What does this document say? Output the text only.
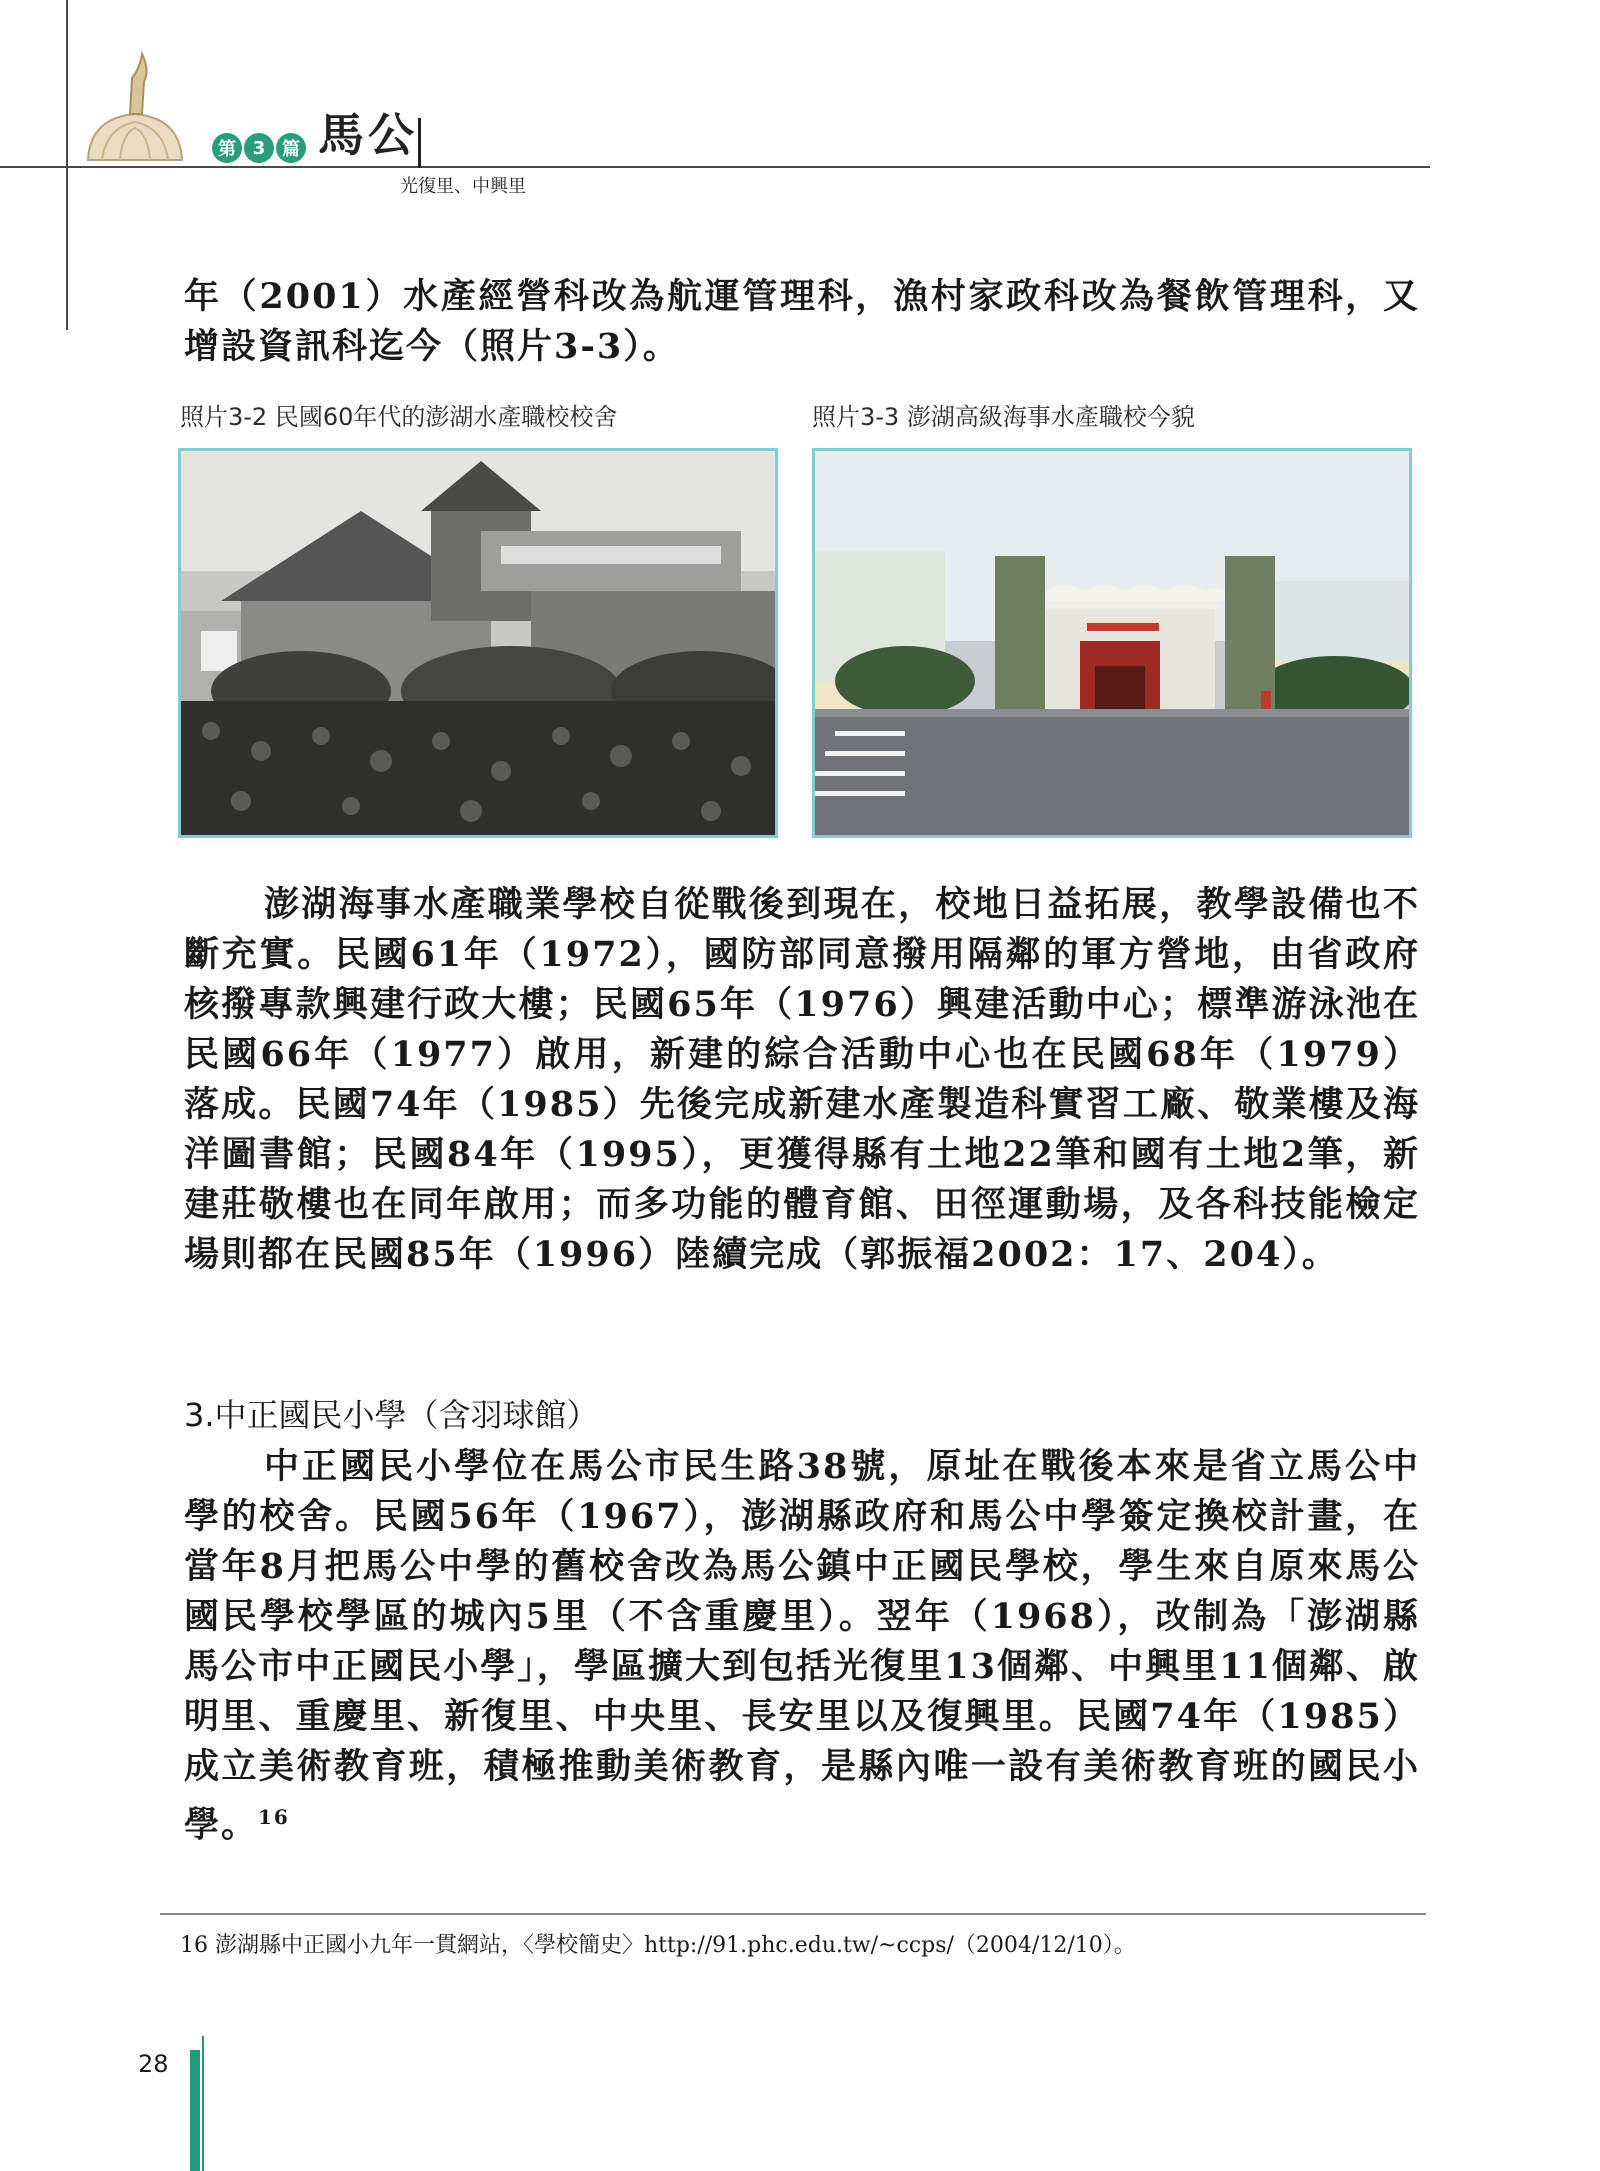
第 3 篇 馬公
光復里、中興里

年（2001）水產經營科改為航運管理科，漁村家政科改為餐飲管理科，又增設資訊科迄今（照片3-3）。

照片3-2 民國60年代的澎湖水產職校校舍	照片3-3 澎湖高級海事水產職校今貌

澎湖海事水產職業學校自從戰後到現在，校地日益拓展，教學設備也不斷充實。民國61年（1972），國防部同意撥用隔鄰的軍方營地，由省政府核撥專款興建行政大樓；民國65年（1976）興建活動中心；標準游泳池在民國66年（1977）啟用，新建的綜合活動中心也在民國68年（1979）落成。民國74年（1985）先後完成新建水產製造科實習工廠、敬業樓及海洋圖書館；民國84年（1995），更獲得縣有土地22筆和國有土地2筆，新建莊敬樓也在同年啟用；而多功能的體育館、田徑運動場，及各科技能檢定場則都在民國85年（1996）陸續完成（郭振福2002：17、204）。

3.中正國民小學（含羽球館）

中正國民小學位在馬公市民生路38號，原址在戰後本來是省立馬公中學的校舍。民國56年（1967），澎湖縣政府和馬公中學簽定換校計畫，在當年8月把馬公中學的舊校舍改為馬公鎮中正國民學校，學生來自原來馬公國民學校學區的城內5里（不含重慶里）。翌年（1968），改制為「澎湖縣馬公市中正國民小學」，學區擴大到包括光復里13個鄰、中興里11個鄰、啟明里、重慶里、新復里、中央里、長安里以及復興里。民國74年（1985）成立美術教育班，積極推動美術教育，是縣內唯一設有美術教育班的國民小學。$^{16}$

16 澎湖縣中正國小九年一貫網站，〈學校簡史〉http://91.phc.edu.tw/~ccps/（2004/12/10）。
28
